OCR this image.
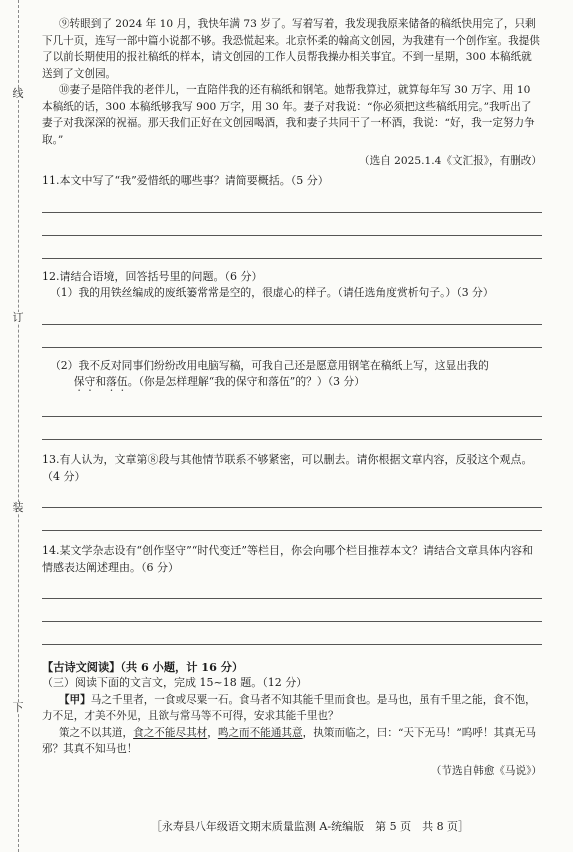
线
订
装
下

⑨转眼到了 2024 年 10 月，我快年满 73 岁了。写着写着，我发现我原来储备的稿纸快用完了，只剩下几十页，连写一部中篇小说都不够。我恐慌起来。北京怀柔的翰高文创园，为我建有一个创作室。我提供了以前长期使用的报社稿纸的样本，请文创园的工作人员帮我操办相关事宜。不到一星期，300 本稿纸就送到了文创园。

⑩妻子是陪伴我的老伴儿，一直陪伴我的还有稿纸和钢笔。她帮我算过，就算每年写 30 万字、用 10 本稿纸的话，300 本稿纸够我写 900 万字，用 30 年。妻子对我说：“你必须把这些稿纸用完。”我听出了妻子对我深深的祝福。那天我们正好在文创园喝酒，我和妻子共同干了一杯酒，我说：“好，我一定努力争取。”

（选自 2025.1.4《文汇报》，有删改）

11.本文中写了“我”爱惜纸的哪些事？请简要概括。（5 分）

12.请结合语境，回答括号里的问题。（6 分）

（1）我的用铁丝编成的废纸篓常常是空的，很虚心的样子。（请任选角度赏析句子。）（3 分）

（2）我不反对同事们纷纷改用电脑写稿，可我自己还是愿意用钢笔在稿纸上写，这显出我的
保守和落伍。（你是怎样理解“我的保守和落伍”的？）（3 分）

13.有人认为，文章第⑧段与其他情节联系不够紧密，可以删去。请你根据文章内容，反驳这个观点。（4 分）

14.某文学杂志设有“创作坚守”“时代变迁”等栏目，你会向哪个栏目推荐本文？请结合文章具体内容和情感表达阐述理由。（6 分）

【古诗文阅读】（共 6 小题，计 16 分）

（三）阅读下面的文言文，完成 15~18 题。（12 分）

【甲】马之千里者，一食或尽粟一石。食马者不知其能千里而食也。是马也，虽有千里之能，食不饱，力不足，才美不外见，且欲与常马等不可得，安求其能千里也？

策之不以其道，食之不能尽其材，鸣之而不能通其意，执策而临之，曰：“天下无马！”呜呼！其真无马邪？其真不知马也！

（节选自韩愈《马说》）

［永寿县八年级语文期末质量监测 A-统编版　第 5 页　共 8 页］
